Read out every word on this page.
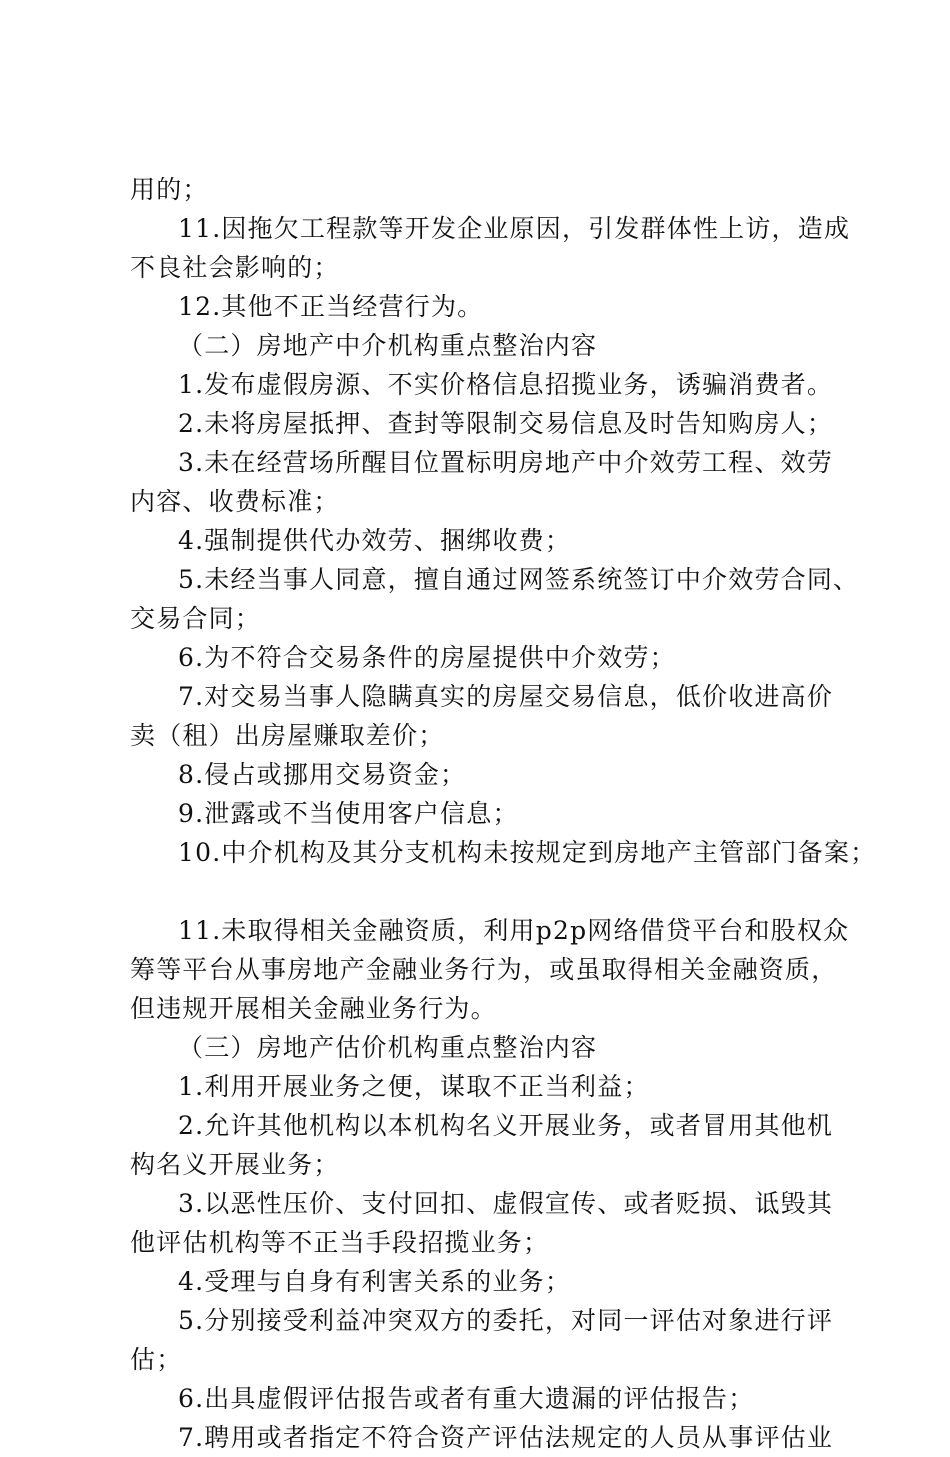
用的；
11.因拖欠工程款等开发企业原因，引发群体性上访，造成
不良社会影响的；
12.其他不正当经营行为。
（二）房地产中介机构重点整治内容
1.发布虚假房源、不实价格信息招揽业务，诱骗消费者。
2.未将房屋抵押、查封等限制交易信息及时告知购房人；
3.未在经营场所醒目位置标明房地产中介效劳工程、效劳
内容、收费标准；
4.强制提供代办效劳、捆绑收费；
5.未经当事人同意，擅自通过网签系统签订中介效劳合同、
交易合同；
6.为不符合交易条件的房屋提供中介效劳；
7.对交易当事人隐瞒真实的房屋交易信息，低价收进高价
卖（租）出房屋赚取差价；
8.侵占或挪用交易资金；
9.泄露或不当使用客户信息；
10.中介机构及其分支机构未按规定到房地产主管部门备案；
11.未取得相关金融资质，利用p2p网络借贷平台和股权众
筹等平台从事房地产金融业务行为，或虽取得相关金融资质，
但违规开展相关金融业务行为。
（三）房地产估价机构重点整治内容
1.利用开展业务之便，谋取不正当利益；
2.允许其他机构以本机构名义开展业务，或者冒用其他机
构名义开展业务；
3.以恶性压价、支付回扣、虚假宣传、或者贬损、诋毁其
他评估机构等不正当手段招揽业务；
4.受理与自身有利害关系的业务；
5.分别接受利益冲突双方的委托，对同一评估对象进行评
估；
6.出具虚假评估报告或者有重大遗漏的评估报告；
7.聘用或者指定不符合资产评估法规定的人员从事评估业
